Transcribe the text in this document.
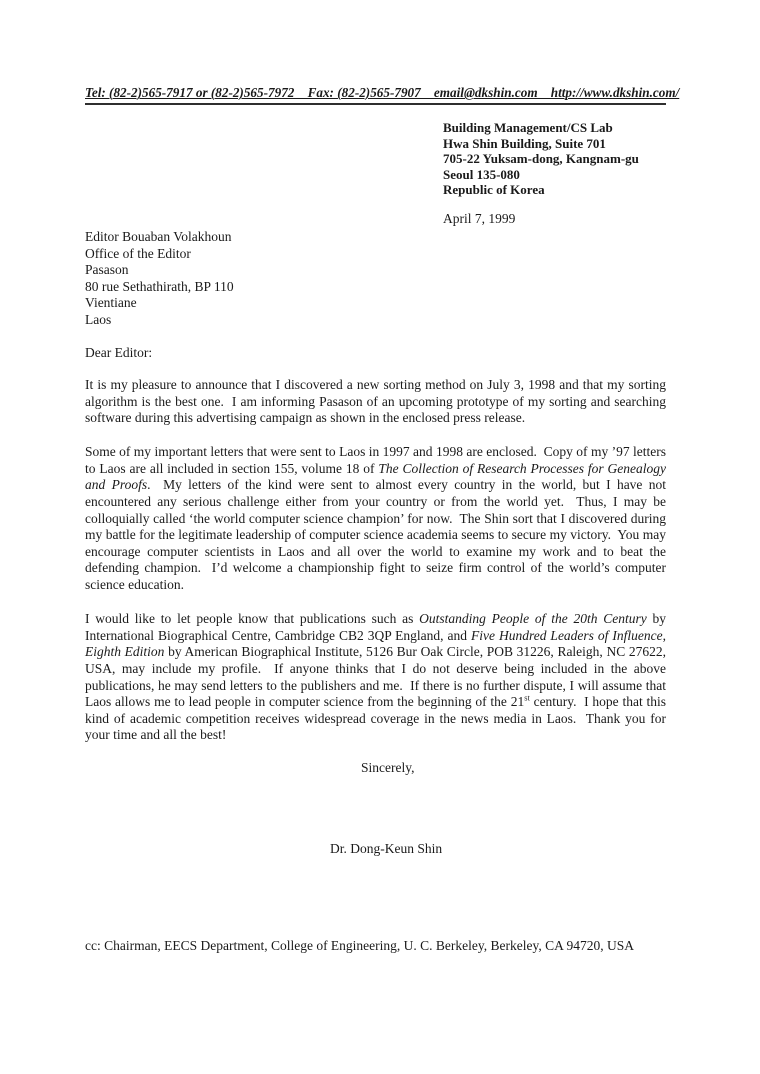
Tel: (82-2)565-7917 or (82-2)565-7972    Fax: (82-2)565-7907    email@dkshin.com    http://www.dkshin.com/
Building Management/CS Lab
Hwa Shin Building, Suite 701
705-22 Yuksam-dong, Kangnam-gu
Seoul 135-080
Republic of Korea
April 7, 1999
Editor Bouaban Volakhoun
Office of the Editor
Pasason
80 rue Sethathirath, BP 110
Vientiane
Laos
Dear Editor:

It is my pleasure to announce that I discovered a new sorting method on July 3, 1998 and that my sorting algorithm is the best one.  I am informing Pasason of an upcoming prototype of my sorting and searching software during this advertising campaign as shown in the enclosed press release.

Some of my important letters that were sent to Laos in 1997 and 1998 are enclosed.  Copy of my ’97 letters to Laos are all included in section 155, volume 18 of The Collection of Research Processes for Genealogy and Proofs.  My letters of the kind were sent to almost every country in the world, but I have not encountered any serious challenge either from your country or from the world yet.  Thus, I may be colloquially called ‘the world computer science champion’ for now.  The Shin sort that I discovered during my battle for the legitimate leadership of computer science academia seems to secure my victory.  You may encourage computer scientists in Laos and all over the world to examine my work and to beat the defending champion.  I’d welcome a championship fight to seize firm control of the world’s computer science education.

I would like to let people know that publications such as Outstanding People of the 20th Century by International Biographical Centre, Cambridge CB2 3QP England, and Five Hundred Leaders of Influence, Eighth Edition by American Biographical Institute, 5126 Bur Oak Circle, POB 31226, Raleigh, NC 27622, USA, may include my profile.  If anyone thinks that I do not deserve being included in the above publications, he may send letters to the publishers and me.  If there is no further dispute, I will assume that Laos allows me to lead people in computer science from the beginning of the 21st century.  I hope that this kind of academic competition receives widespread coverage in the news media in Laos.  Thank you for your time and all the best!

Sincerely,
Dr. Dong-Keun Shin
cc: Chairman, EECS Department, College of Engineering, U. C. Berkeley, Berkeley, CA 94720, USA
